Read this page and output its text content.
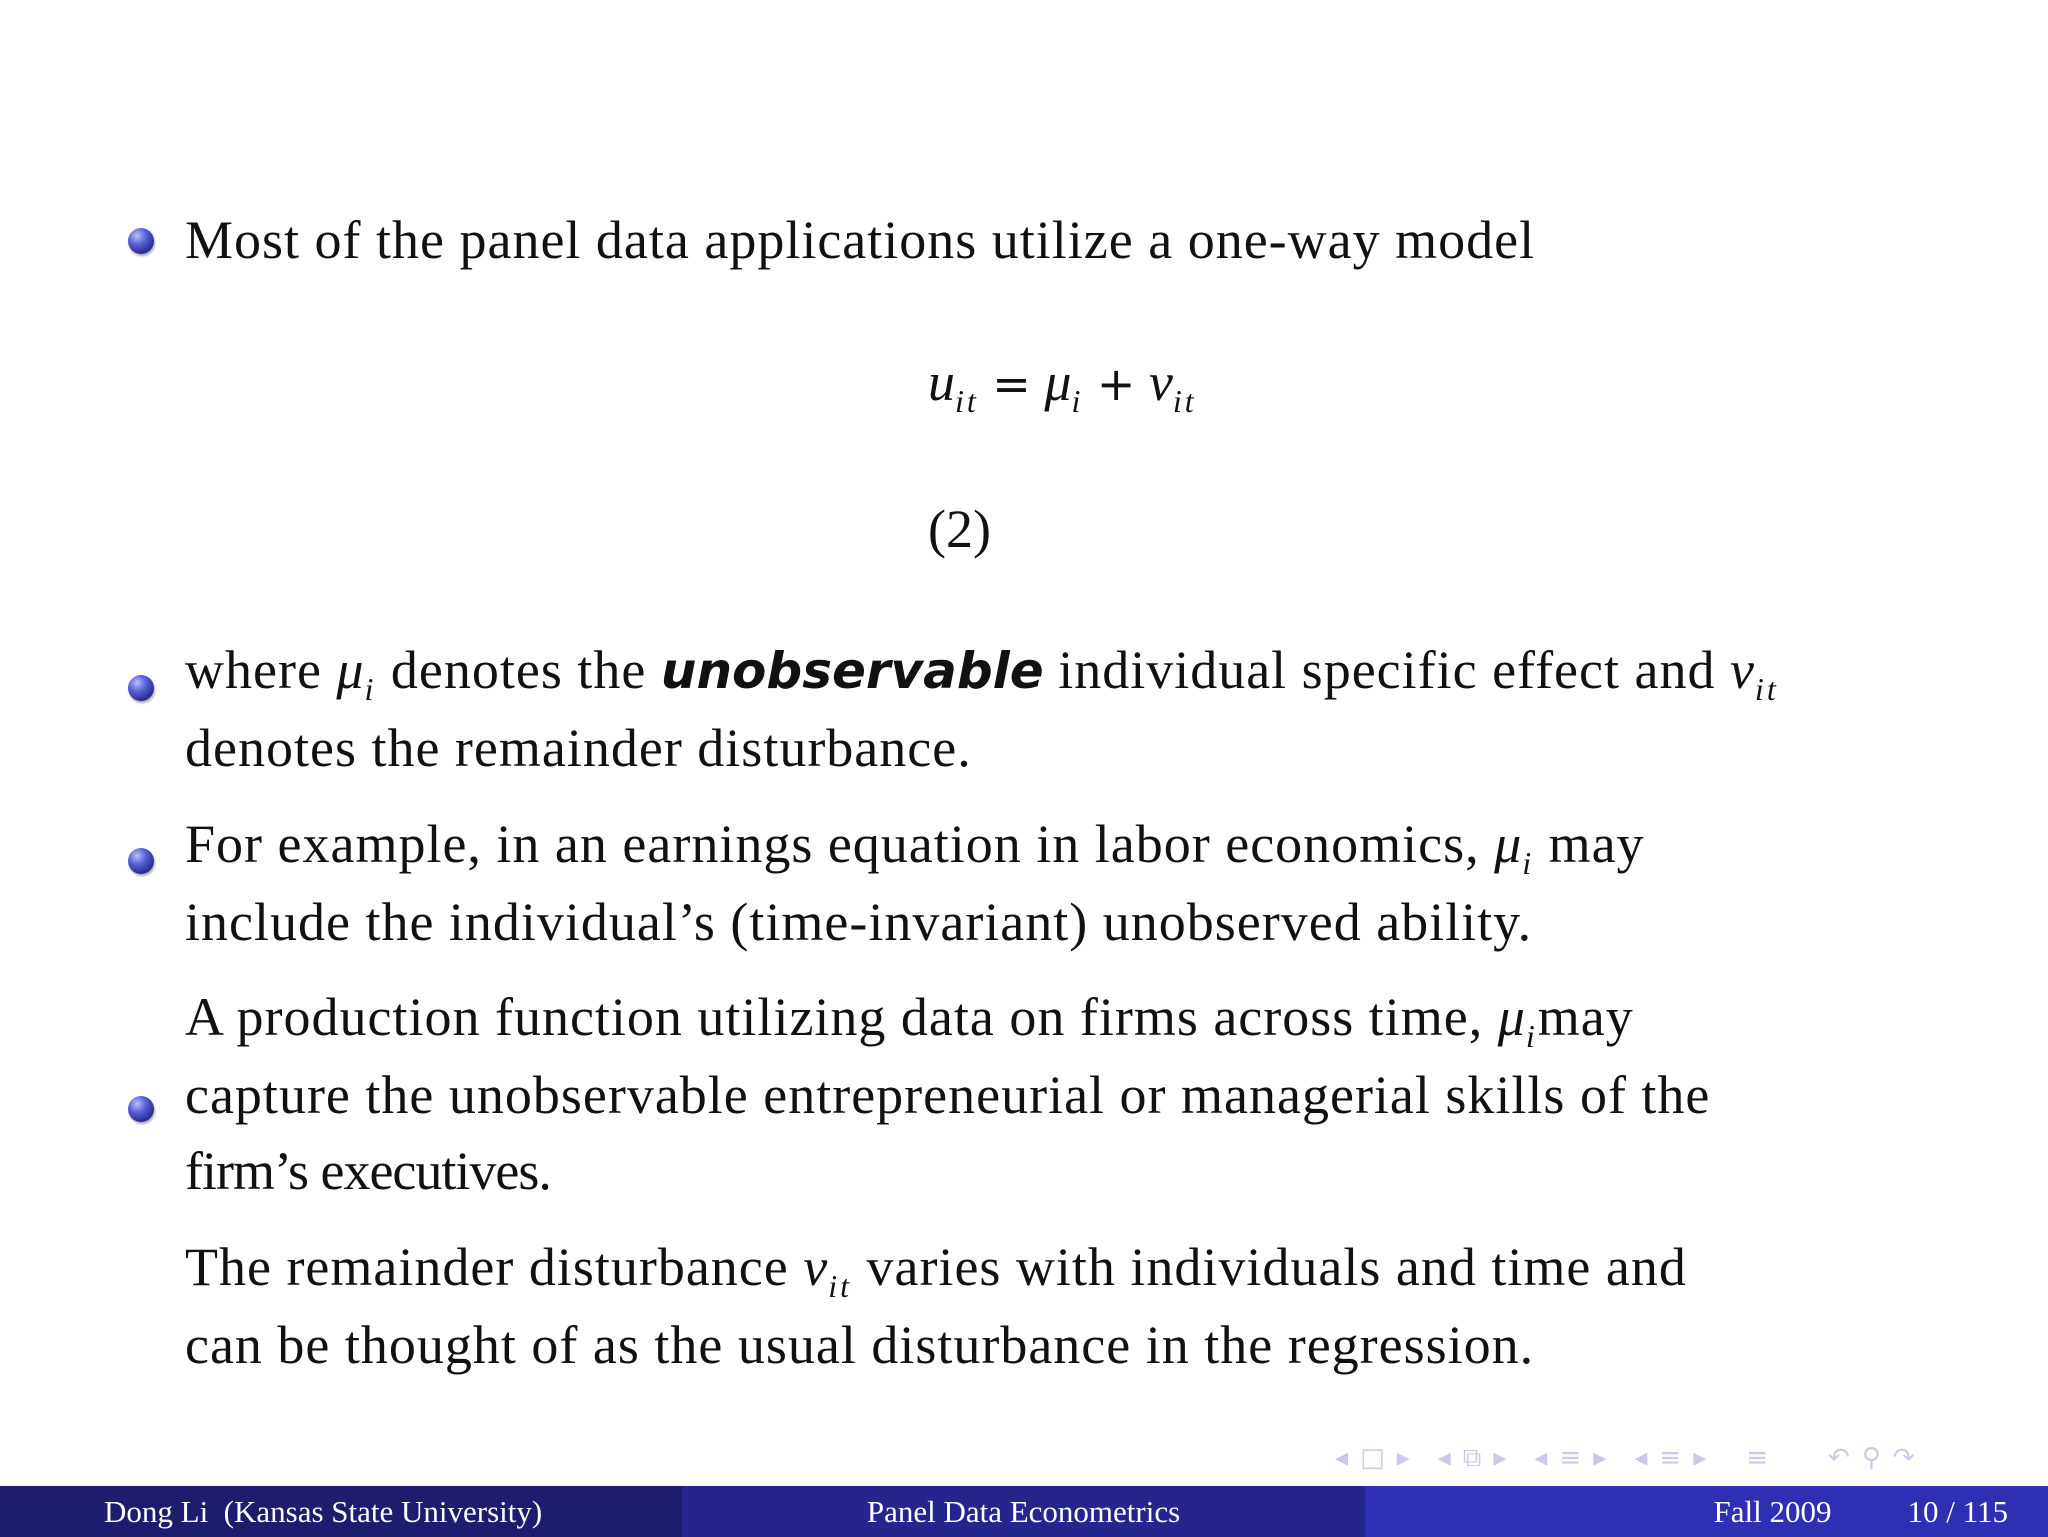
Most of the panel data applications utilize a one-way model
$u_{it} = \mu_i + v_{it}$
(2)
where $\mu_i$ denotes the unobservable individual specific effect and $v_{it}$
denotes the remainder disturbance.
For example, in an earnings equation in labor economics, $\mu_i$ may
include the individual’s (time-invariant) unobserved ability.
A production function utilizing data on firms across time, $\mu_imay$
capture the unobservable entrepreneurial or managerial skills of the
firm’s executives.
The remainder disturbance $v_{it}$ varies with individuals and time and
can be thought of as the usual disturbance in the regression.
◂ □ ▸ ◂ ⧉ ▸ ◂ ≡ ▸ ◂ ≡ ▸ ≡ ↶ ⚲ ↷
Dong Li  (Kansas State University)	Panel Data Econometrics	Fall 2009 10 / 115
